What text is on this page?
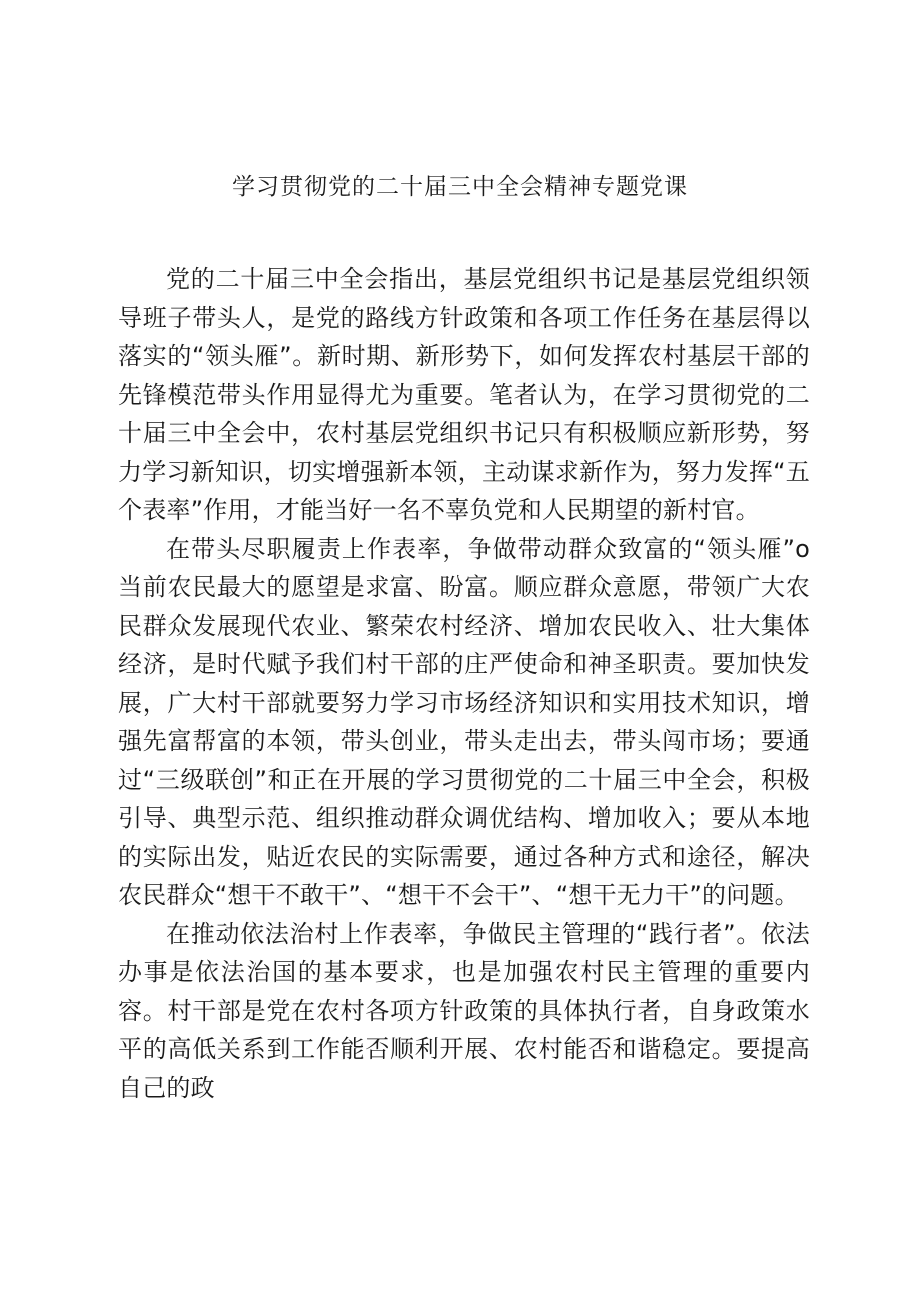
学习贯彻党的二十届三中全会精神专题党课

党的二十届三中全会指出，基层党组织书记是基层党组织领导班子带头人，是党的路线方针政策和各项工作任务在基层得以落实的“领头雁”。新时期、新形势下，如何发挥农村基层干部的先锋模范带头作用显得尤为重要。笔者认为，在学习贯彻党的二十届三中全会中，农村基层党组织书记只有积极顺应新形势，努力学习新知识，切实增强新本领，主动谋求新作为，努力发挥“五个表率”作用，才能当好一名不辜负党和人民期望的新村官。

在带头尽职履责上作表率，争做带动群众致富的“领头雁”o当前农民最大的愿望是求富、盼富。顺应群众意愿，带领广大农民群众发展现代农业、繁荣农村经济、增加农民收入、壮大集体经济，是时代赋予我们村干部的庄严使命和神圣职责。要加快发展，广大村干部就要努力学习市场经济知识和实用技术知识，增强先富帮富的本领，带头创业，带头走出去，带头闯市场；要通过“三级联创”和正在开展的学习贯彻党的二十届三中全会，积极引导、典型示范、组织推动群众调优结构、增加收入；要从本地的实际出发，贴近农民的实际需要，通过各种方式和途径，解决农民群众“想干不敢干”、“想干不会干”、“想干无力干”的问题。

在推动依法治村上作表率，争做民主管理的“践行者”。依法办事是依法治国的基本要求，也是加强农村民主管理的重要内容。村干部是党在农村各项方针政策的具体执行者，自身政策水平的高低关系到工作能否顺利开展、农村能否和谐稳定。要提高自己的政
